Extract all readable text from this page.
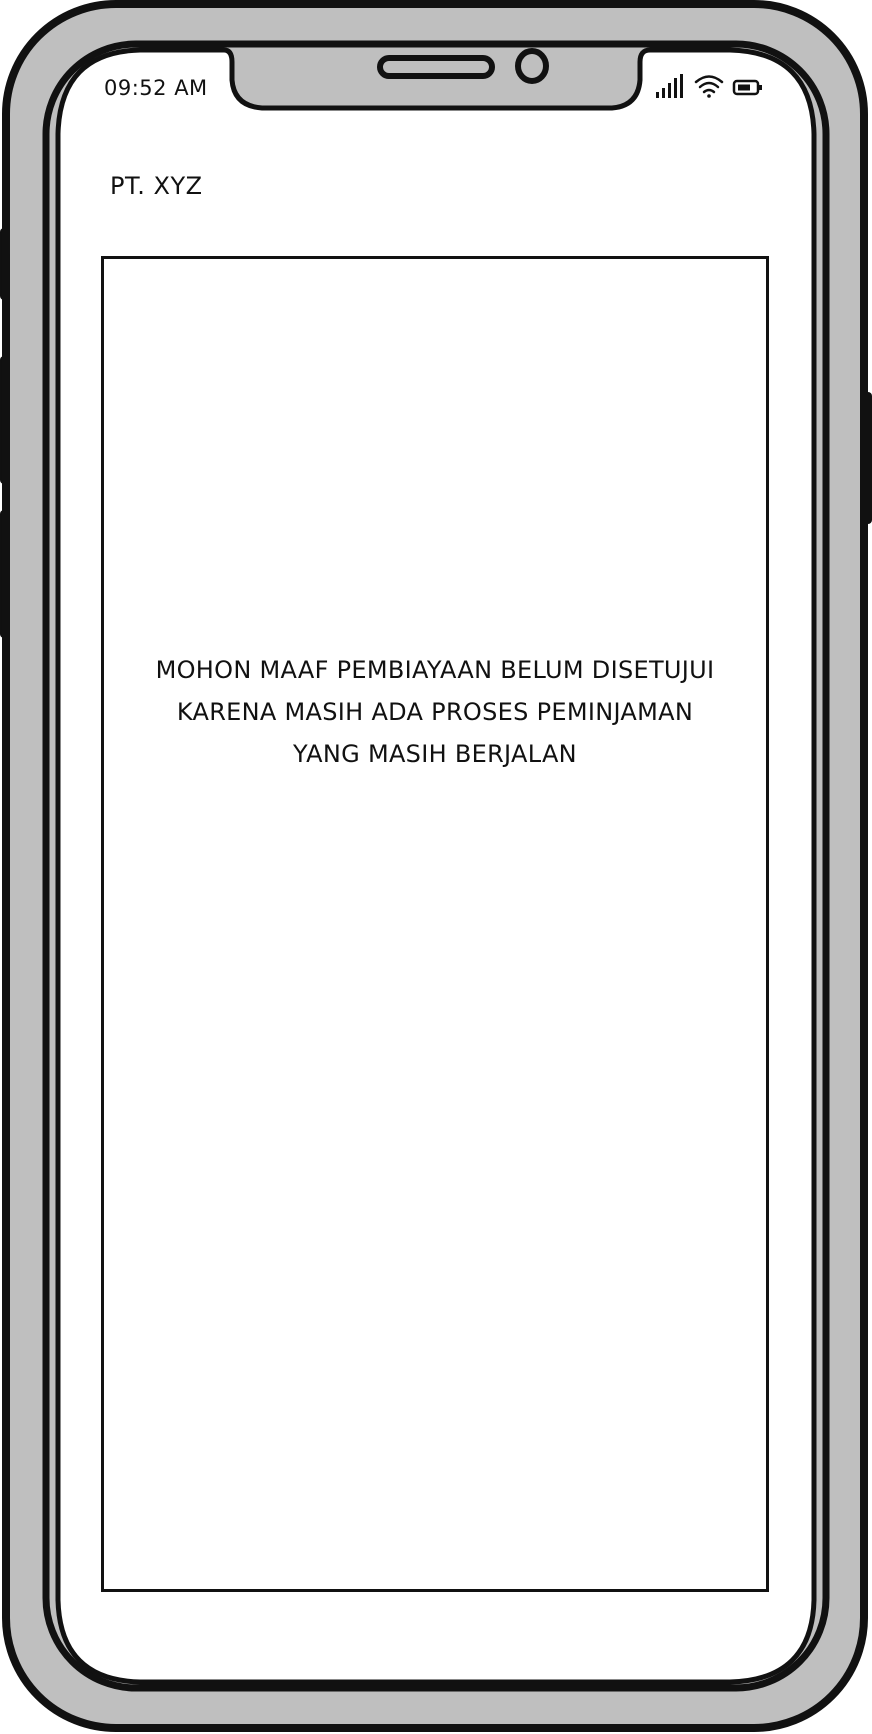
09:52 AM
PT. XYZ
MOHON MAAF PEMBIAYAAN BELUM DISETUJUI
KARENA MASIH ADA PROSES PEMINJAMAN
YANG MASIH BERJALAN
